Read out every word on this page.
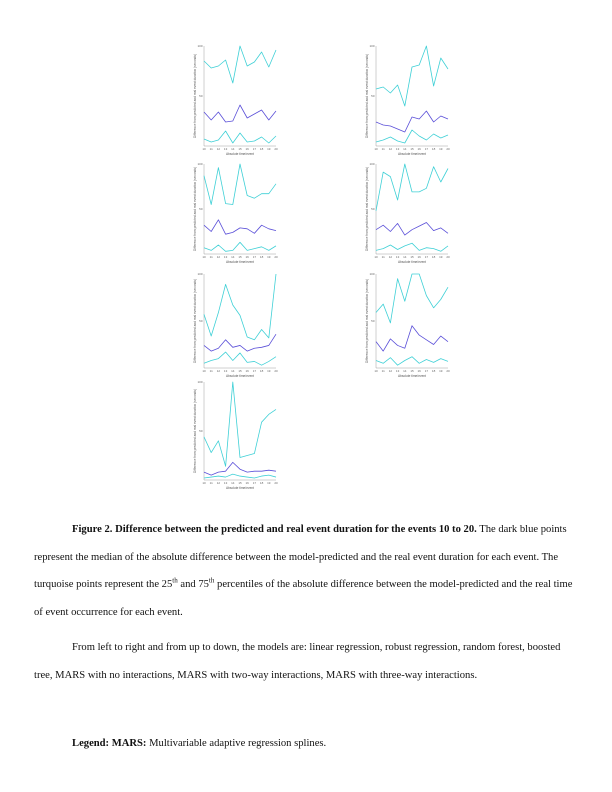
50
100
10 11 12 13 14 15 16 17 18 19 20
Absolute time/event
Difference from predicted and real event duration (seconds)	50
100
10 11 12 13 14 15 16 17 18 19 20
Absolute time/event
Difference from predicted and real event duration (seconds)
50
100
10 11 12 13 14 15 16 17 18 19 20
Absolute time/event
Difference from predicted and real event duration (seconds)	50
100
10 11 12 13 14 15 16 17 18 19 20
Absolute time/event
Difference from predicted and real event duration (seconds)
50
100
10 11 12 13 14 15 16 17 18 19 20
Absolute time/event
Difference from predicted and real event duration (seconds)	50
100
10 11 12 13 14 15 16 17 18 19 20
Absolute time/event
Difference from predicted and real event duration (seconds)
50
100
10 11 12 13 14 15 16 17 18 19 20
Absolute time/event
Difference from predicted and real event duration (seconds)

Figure 2. Difference between the predicted and real event duration for the events 10 to 20. The dark blue points represent the median of the absolute difference between the model-predicted and the real event duration for each event. The turquoise points represent the 25th and 75th percentiles of the absolute difference between the model-predicted and the real time of event occurrence for each event.

From left to right and from up to down, the models are: linear regression, robust regression, random forest, boosted tree, MARS with no interactions, MARS with two-way interactions, MARS with three-way interactions.

Legend: MARS: Multivariable adaptive regression splines.
